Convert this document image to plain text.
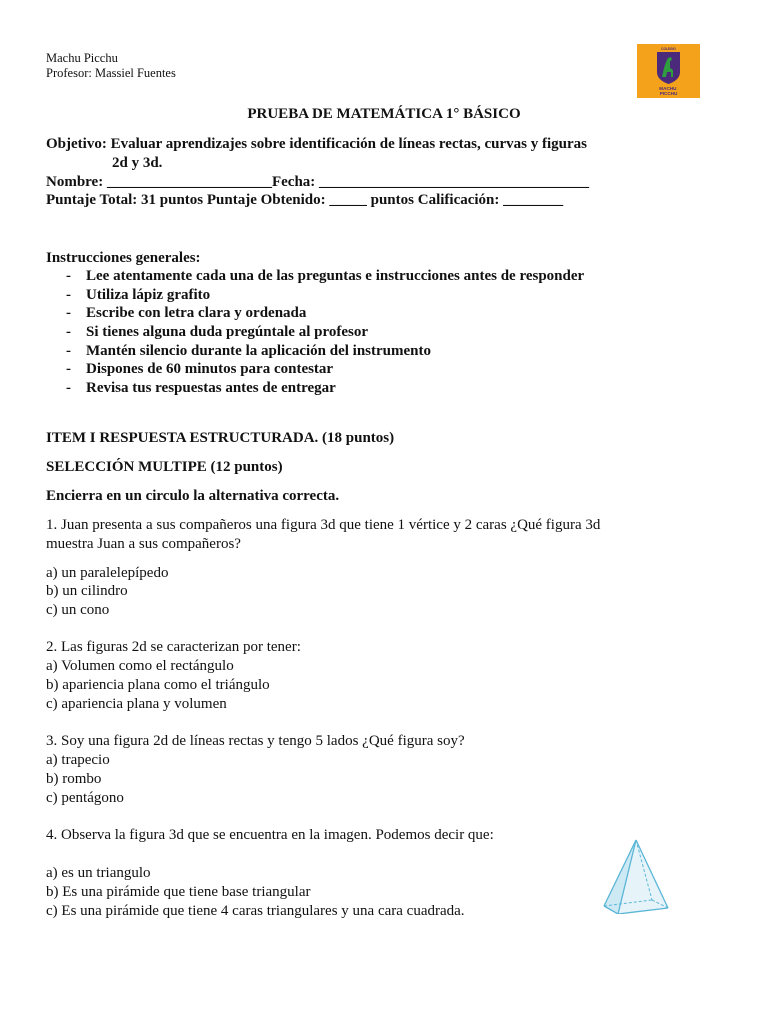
Machu Picchu
Profesor: Massiel Fuentes
COLEGIO
MACHU PICCHU
PRUEBA DE MATEMÁTICA 1° BÁSICO
Objetivo: Evaluar aprendizajes sobre identificación de líneas rectas, curvas y figuras
2d y 3d.
Nombre: ______________________Fecha: ____________________________________
Puntaje Total: 31 puntos Puntaje Obtenido: _____ puntos Calificación: ________
Instrucciones generales:
- Lee atentamente cada una de las preguntas e instrucciones antes de responder
- Utiliza lápiz grafito
- Escribe con letra clara y ordenada
- Si tienes alguna duda pregúntale al profesor
- Mantén silencio durante la aplicación del instrumento
- Dispones de 60 minutos para contestar
- Revisa tus respuestas antes de entregar
ITEM I RESPUESTA ESTRUCTURADA. (18 puntos)
SELECCIÓN MULTIPE (12 puntos)
Encierra en un circulo la alternativa correcta.
1. Juan presenta a sus compañeros una figura 3d que tiene 1 vértice y 2 caras ¿Qué figura 3d
muestra Juan a sus compañeros?
a) un paralelepípedo
b) un cilindro
c) un cono
2. Las figuras 2d se caracterizan por tener:
a) Volumen como el rectángulo
b) apariencia plana como el triángulo
c) apariencia plana y volumen
3. Soy una figura 2d de líneas rectas y tengo 5 lados ¿Qué figura soy?
a) trapecio
b) rombo
c) pentágono
4. Observa la figura 3d que se encuentra en la imagen. Podemos decir que:
a) es un triangulo
b) Es una pirámide que tiene base triangular
c) Es una pirámide que tiene 4 caras triangulares y una cara cuadrada.
